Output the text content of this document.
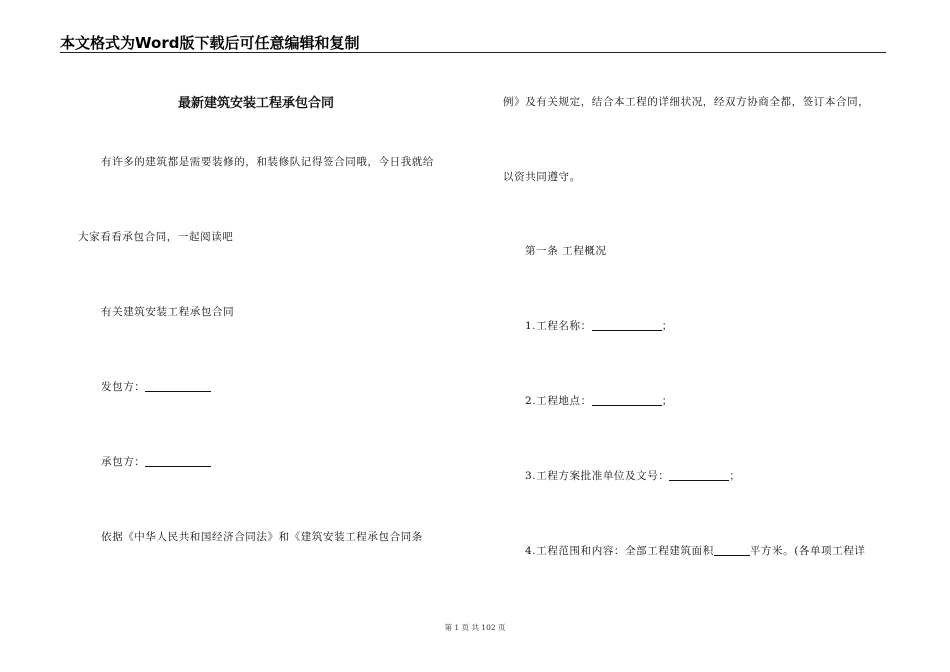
本文格式为Word版下载后可任意编辑和复制
最新建筑安装工程承包合同
有许多的建筑都是需要装修的，和装修队记得签合同哦，今日我就给
大家看看承包合同，一起阅读吧
有关建筑安装工程承包合同
发包方：
承包方：
依据《中华人民共和国经济合同法》和《建筑安装工程承包合同条
例》及有关规定，结合本工程的详细状况，经双方协商全都，签订本合同，
以资共同遵守。
第一条 工程概况
1.工程名称：	；
2.工程地点：	；
3.工程方案批准单位及文号：	；
4.工程范围和内容：全部工程建筑面积	平方米。(各单项工程详
第 1 页 共 102 页
